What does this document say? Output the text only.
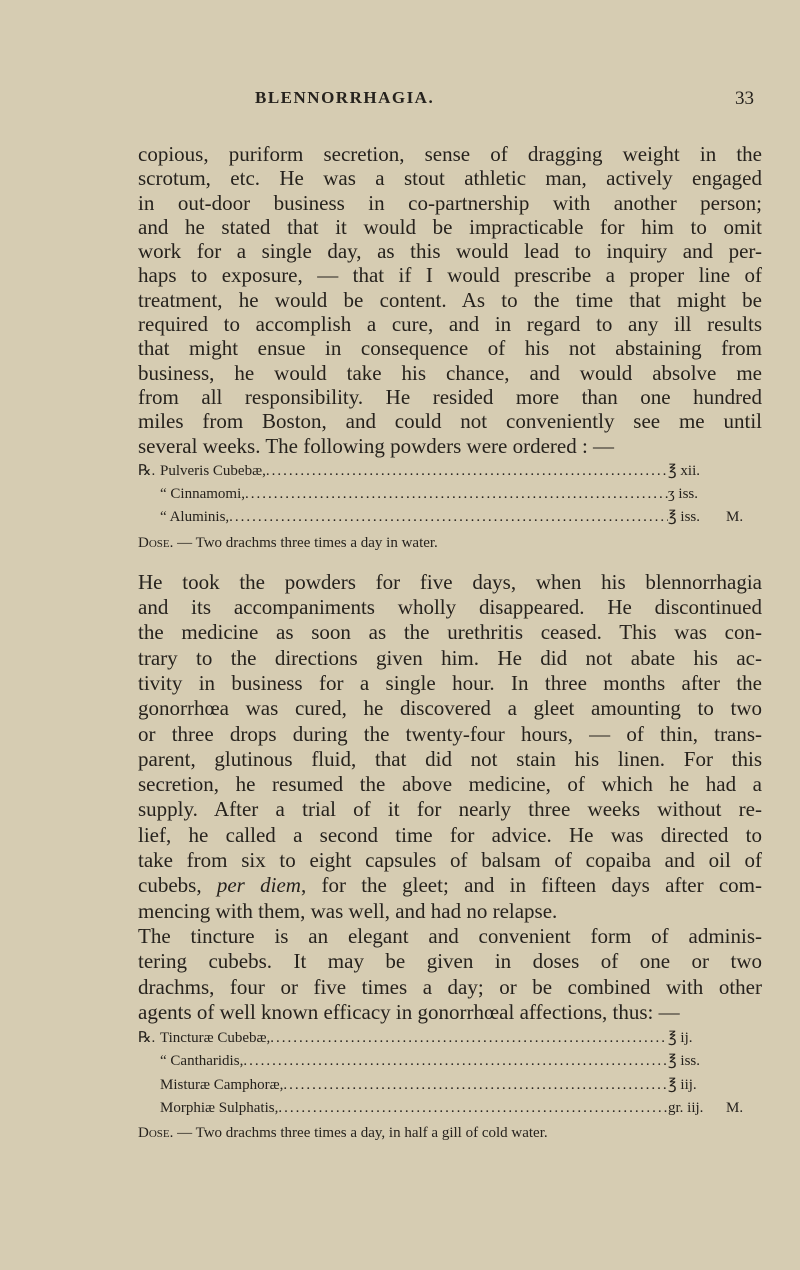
BLENNORRHAGIA.	33
copious, puriform secretion, sense of dragging weight in the
scrotum, etc. He was a stout athletic man, actively engaged
in out-door business in co-partnership with another person;
and he stated that it would be impracticable for him to omit
work for a single day, as this would lead to inquiry and per-
haps to exposure, — that if I would prescribe a proper line of
treatment, he would be content. As to the time that might be
required to accomplish a cure, and in regard to any ill results
that might ensue in consequence of his not abstaining from
business, he would take his chance, and would absolve me
from all responsibility. He resided more than one hundred
miles from Boston, and could not conveniently see me until
several weeks. The following powders were ordered : —
℞. Pulveris Cubebæ, .....	℥ xii.
“ Cinnamomi, .....	ʒ iss.
“ Aluminis, .....	℥ iss.	M.
Dose. — Two drachms three times a day in water.
He took the powders for five days, when his blennorrhagia
and its accompaniments wholly disappeared. He discontinued
the medicine as soon as the urethritis ceased. This was con-
trary to the directions given him. He did not abate his ac-
tivity in business for a single hour. In three months after the
gonorrhœa was cured, he discovered a gleet amounting to two
or three drops during the twenty-four hours, — of thin, trans-
parent, glutinous fluid, that did not stain his linen. For this
secretion, he resumed the above medicine, of which he had a
supply. After a trial of it for nearly three weeks without re-
lief, he called a second time for advice. He was directed to
take from six to eight capsules of balsam of copaiba and oil of
cubebs, per diem, for the gleet; and in fifteen days after com-
mencing with them, was well, and had no relapse.
The tincture is an elegant and convenient form of adminis-
tering cubebs. It may be given in doses of one or two
drachms, four or five times a day; or be combined with other
agents of well known efficacy in gonorrhœal affections, thus: —
℞. Tincturæ Cubebæ, .....	℥ ij.
“ Cantharidis, .....	℥ iss.
Misturæ Camphoræ, .....	℥ iij.
Morphiæ Sulphatis, .....	gr. iij.	M.
Dose. — Two drachms three times a day, in half a gill of cold water.
